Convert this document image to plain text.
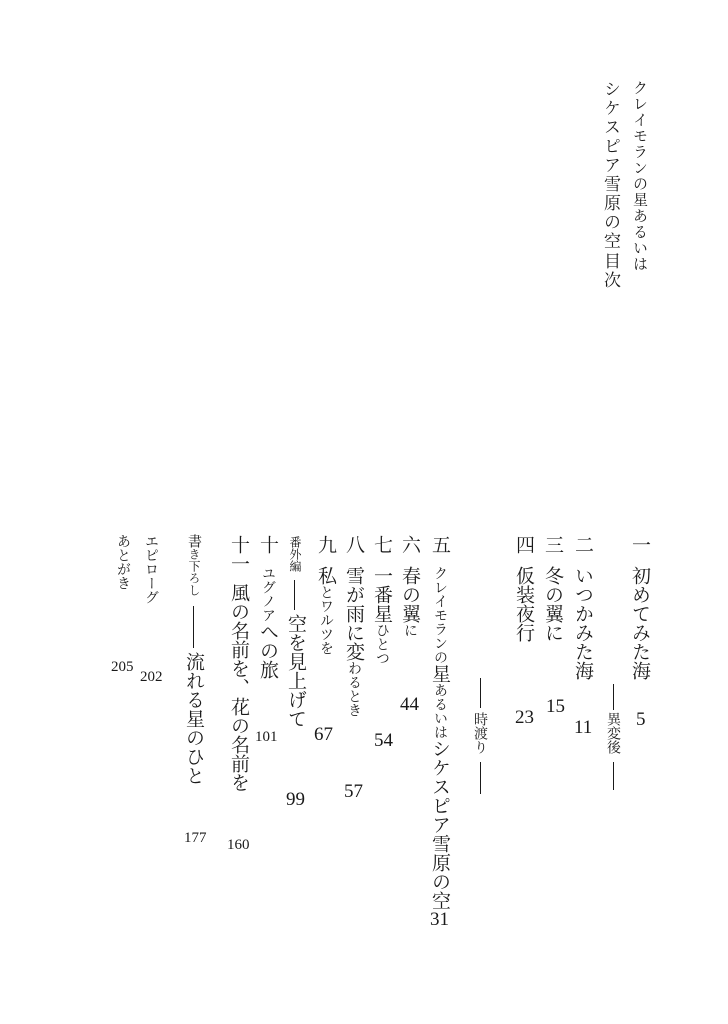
クレイモランの星あるいは
シケスピア雪原の空
目次
一初めてみた海
5
異変後
二いつかみた海
11
三冬の翼に
15
四仮装夜行
23
時渡り
五クレイモランの星あるいはシケスピア雪原の空
31
六春の翼に
44
七一番星ひとつ
54
八雪が雨に変わるとき
57
九私とワルツを
67
番外編
空を見上げて
99
十ユグノアへの旅
101
十一風の名前を、花の名前を
160
書き下ろし
流れる星のひと
177
エピローグ
202
あとがき
205
